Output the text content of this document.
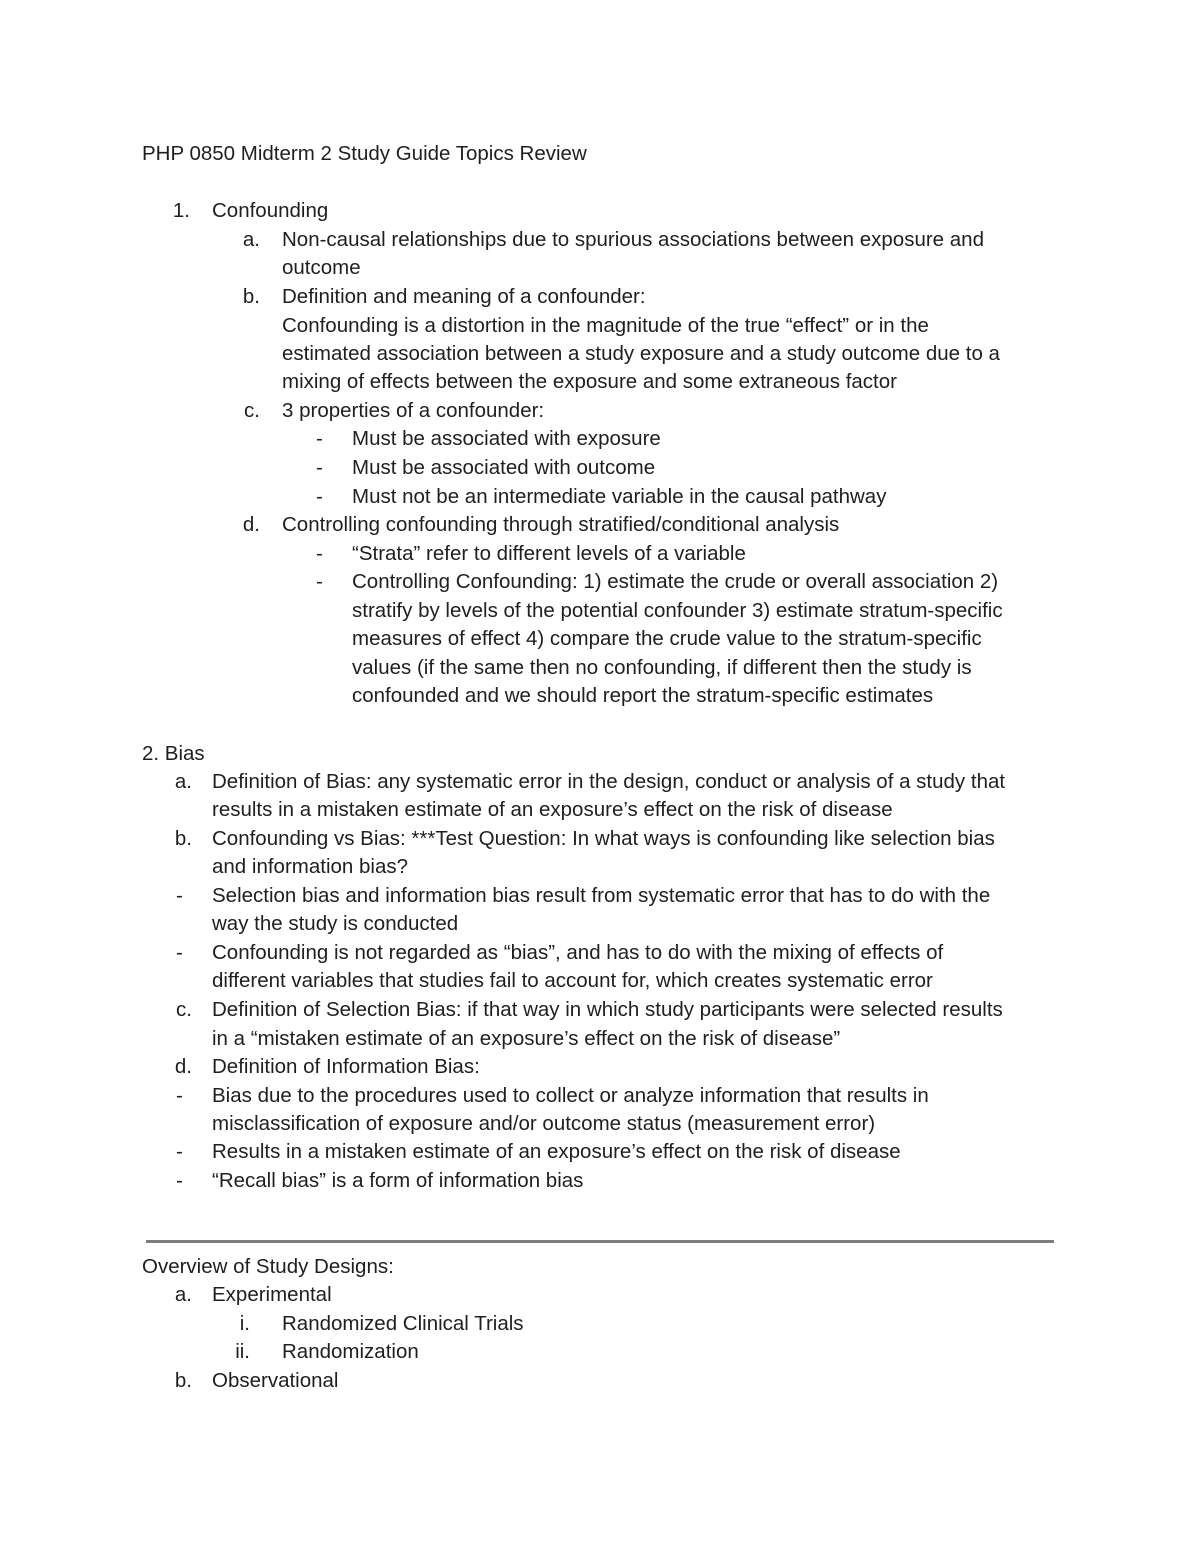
PHP 0850 Midterm 2 Study Guide Topics Review
1. Confounding
a. Non-causal relationships due to spurious associations between exposure and
outcome
b. Definition and meaning of a confounder:
Confounding is a distortion in the magnitude of the true “effect” or in the
estimated association between a study exposure and a study outcome due to a
mixing of effects between the exposure and some extraneous factor
c. 3 properties of a confounder:
- Must be associated with exposure
- Must be associated with outcome
- Must not be an intermediate variable in the causal pathway
d. Controlling confounding through stratified/conditional analysis
- “Strata” refer to different levels of a variable
- Controlling Confounding: 1) estimate the crude or overall association 2)
stratify by levels of the potential confounder 3) estimate stratum-specific
measures of effect 4) compare the crude value to the stratum-specific
values (if the same then no confounding, if different then the study is
confounded and we should report the stratum-specific estimates
2. Bias
a. Definition of Bias: any systematic error in the design, conduct or analysis of a study that
results in a mistaken estimate of an exposure’s effect on the risk of disease
b. Confounding vs Bias: ***Test Question: In what ways is confounding like selection bias
and information bias?
- Selection bias and information bias result from systematic error that has to do with the
way the study is conducted
- Confounding is not regarded as “bias”, and has to do with the mixing of effects of
different variables that studies fail to account for, which creates systematic error
c. Definition of Selection Bias: if that way in which study participants were selected results
in a “mistaken estimate of an exposure’s effect on the risk of disease”
d. Definition of Information Bias:
- Bias due to the procedures used to collect or analyze information that results in
misclassification of exposure and/or outcome status (measurement error)
- Results in a mistaken estimate of an exposure’s effect on the risk of disease
- “Recall bias” is a form of information bias
Overview of Study Designs:
a. Experimental
i. Randomized Clinical Trials
ii. Randomization
b. Observational
